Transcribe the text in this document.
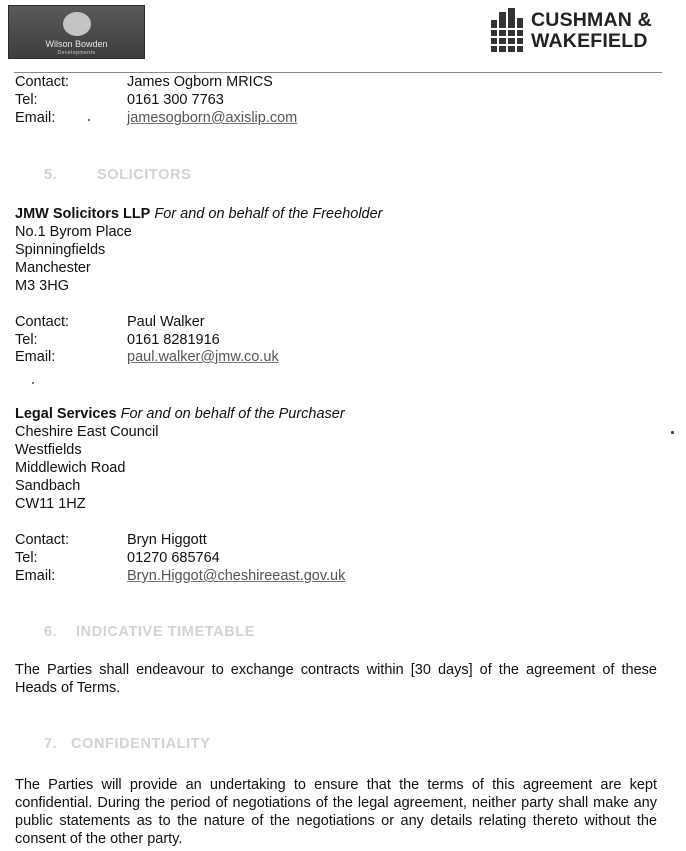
Wilson Bowden
Developments
CUSHMAN &
WAKEFIELD
Contact:	James Ogborn MRICS
Tel:	0161 300 7763
Email:	jamesogborn@axislip.com
5.	SOLICITORS
JMW Solicitors LLP For and on behalf of the Freeholder
No.1 Byrom Place
Spinningfields
Manchester
M3 3HG
Contact:	Paul Walker
Tel:	0161 8281916
Email:	paul.walker@jmw.co.uk
Legal Services For and on behalf of the Purchaser
Cheshire East Council
Westfields
Middlewich Road
Sandbach
CW11 1HZ
Contact:	Bryn Higgott
Tel:	01270 685764
Email:	Bryn.Higgot@cheshireeast.gov.uk
6. INDICATIVE TIMETABLE
The Parties shall endeavour to exchange contracts within [30 days] of the agreement of these Heads of Terms.
7. CONFIDENTIALITY
The Parties will provide an undertaking to ensure that the terms of this agreement are kept confidential. During the period of negotiations of the legal agreement, neither party shall make any public statements as to the nature of the negotiations or any details relating thereto without the consent of the other party.
